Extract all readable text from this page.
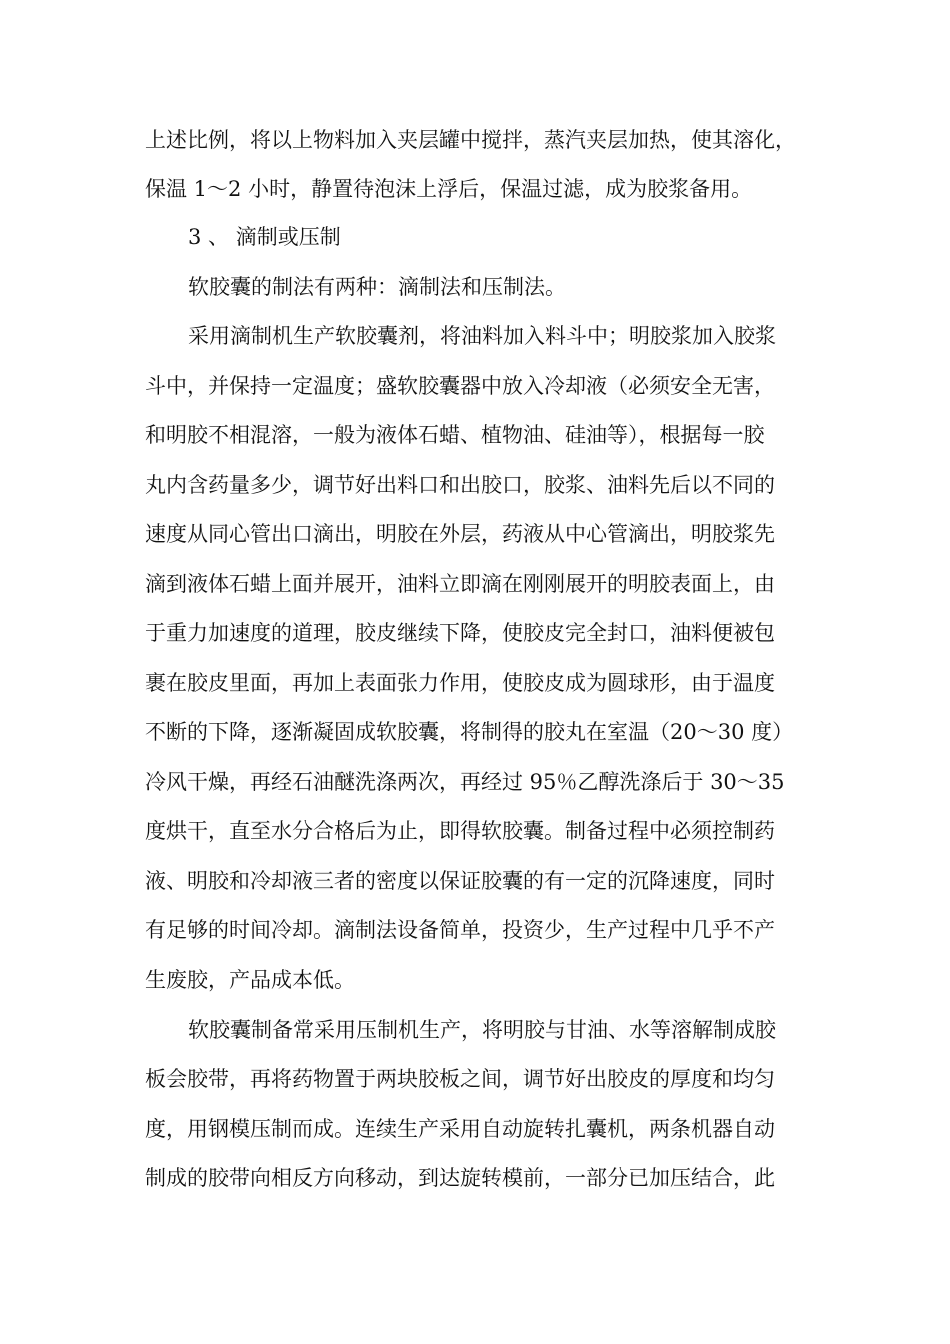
上述比例，将以上物料加入夹层罐中搅拌，蒸汽夹层加热，使其溶化，
保温 1～2 小时，静置待泡沫上浮后，保温过滤，成为胶浆备用。
3 、 滴制或压制
软胶囊的制法有两种：滴制法和压制法。
采用滴制机生产软胶囊剂，将油料加入料斗中；明胶浆加入胶浆
斗中，并保持一定温度；盛软胶囊器中放入冷却液（必须安全无害，
和明胶不相混溶，一般为液体石蜡、植物油、硅油等），根据每一胶
丸内含药量多少，调节好出料口和出胶口，胶浆、油料先后以不同的
速度从同心管出口滴出，明胶在外层，药液从中心管滴出，明胶浆先
滴到液体石蜡上面并展开，油料立即滴在刚刚展开的明胶表面上，由
于重力加速度的道理，胶皮继续下降，使胶皮完全封口，油料便被包
裹在胶皮里面，再加上表面张力作用，使胶皮成为圆球形，由于温度
不断的下降，逐渐凝固成软胶囊，将制得的胶丸在室温（20～30 度）
冷风干燥，再经石油醚洗涤两次，再经过 95％乙醇洗涤后于 30～35
度烘干，直至水分合格后为止，即得软胶囊。制备过程中必须控制药
液、明胶和冷却液三者的密度以保证胶囊的有一定的沉降速度，同时
有足够的时间冷却。滴制法设备简单，投资少，生产过程中几乎不产
生废胶，产品成本低。
软胶囊制备常采用压制机生产，将明胶与甘油、水等溶解制成胶
板会胶带，再将药物置于两块胶板之间，调节好出胶皮的厚度和均匀
度，用钢模压制而成。连续生产采用自动旋转扎囊机，两条机器自动
制成的胶带向相反方向移动，到达旋转模前，一部分已加压结合，此
